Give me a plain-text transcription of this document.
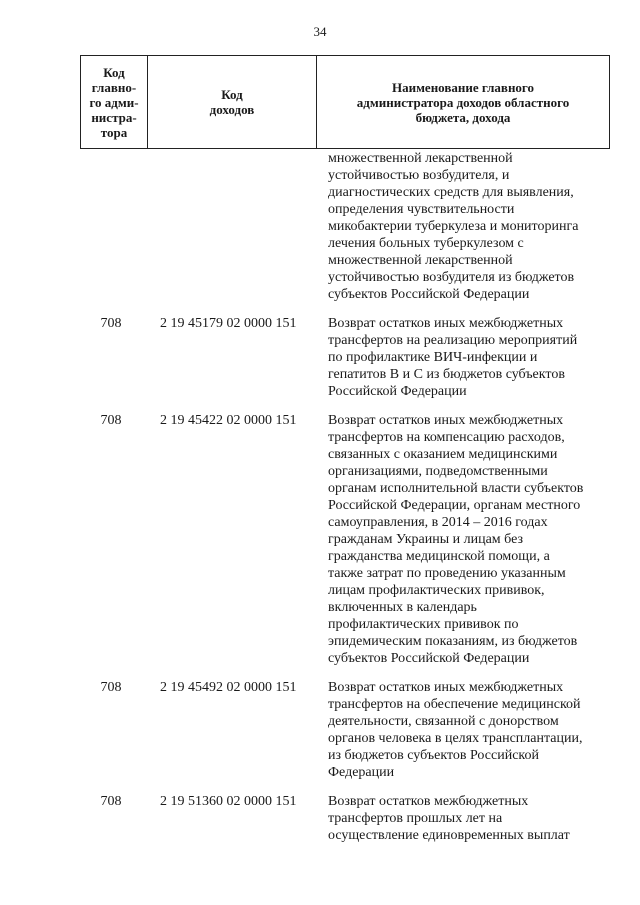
34
Код
главно-
го адми-
нистра-
тора

Код
доходов

Наименование главного
администратора доходов областного
бюджета, дохода
множественной лекарственной
устойчивостью возбудителя, и
диагностических средств для выявления,
определения чувствительности
микобактерии туберкулеза и мониторинга
лечения больных туберкулезом с
множественной лекарственной
устойчивостью возбудителя из бюджетов
субъектов Российской Федерации
708	2 19 45179 02 0000 151	Возврат остатков иных межбюджетных
трансфертов на реализацию мероприятий
по профилактике ВИЧ-инфекции и
гепатитов В и С из бюджетов субъектов
Российской Федерации
708	2 19 45422 02 0000 151	Возврат остатков иных межбюджетных
трансфертов на компенсацию расходов,
связанных с оказанием медицинскими
организациями, подведомственными
органам исполнительной власти субъектов
Российской Федерации, органам местного
самоуправления, в 2014 – 2016 годах
гражданам Украины и лицам без
гражданства медицинской помощи, а
также затрат по проведению указанным
лицам профилактических прививок,
включенных в календарь
профилактических прививок по
эпидемическим показаниям, из бюджетов
субъектов Российской Федерации
708	2 19 45492 02 0000 151	Возврат остатков иных межбюджетных
трансфертов на обеспечение медицинской
деятельности, связанной с донорством
органов человека в целях трансплантации,
из бюджетов субъектов Российской
Федерации
708	2 19 51360 02 0000 151	Возврат остатков межбюджетных
трансфертов прошлых лет на
осуществление единовременных выплат
